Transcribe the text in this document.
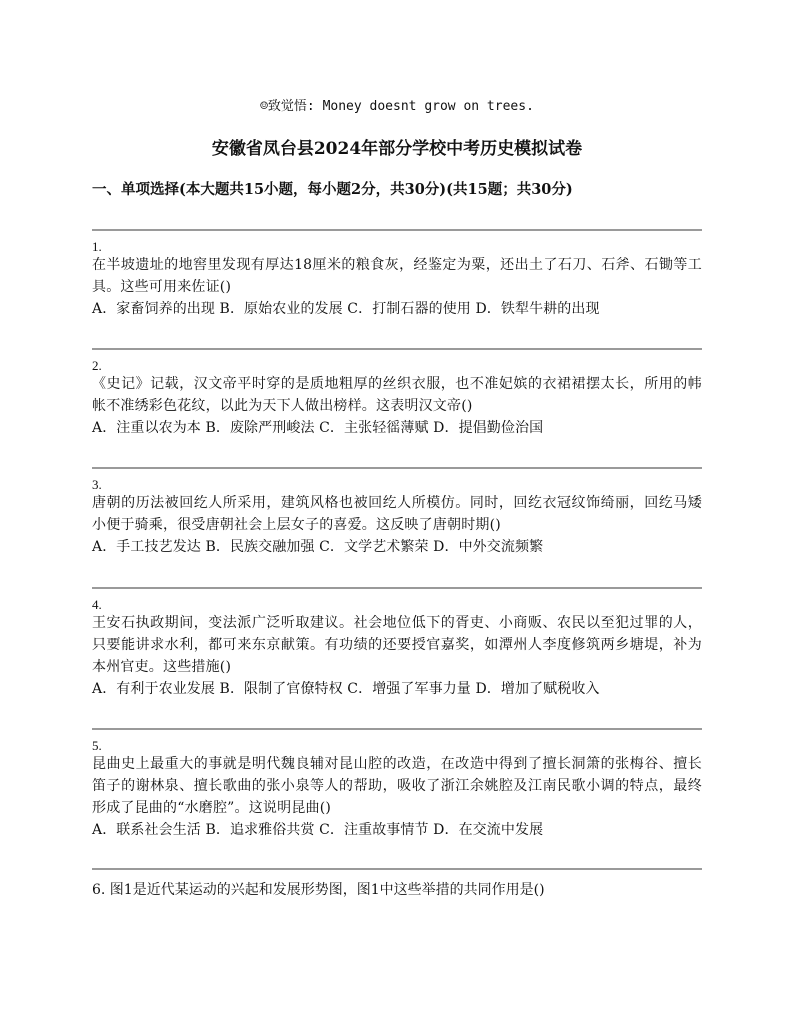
☺致觉悟: Money doesnt grow on trees.
安徽省凤台县2024年部分学校中考历史模拟试卷
一、单项选择(本大题共15小题，每小题2分，共30分)(共15题；共30分)
1.
在半坡遗址的地窖里发现有厚达18厘米的粮食灰，经鉴定为粟，还出土了石刀、石斧、石锄等工具。这些可用来佐证()
A．家畜饲养的出现 B．原始农业的发展 C．打制石器的使用 D．铁犁牛耕的出现
2.
《史记》记载，汉文帝平时穿的是质地粗厚的丝织衣服，也不准妃嫔的衣裙裙摆太长，所用的帏帐不准绣彩色花纹，以此为天下人做出榜样。这表明汉文帝()
A．注重以农为本 B．废除严刑峻法 C．主张轻徭薄赋 D．提倡勤俭治国
3.
唐朝的历法被回纥人所采用，建筑风格也被回纥人所模仿。同时，回纥衣冠纹饰绮丽，回纥马矮小便于骑乘，很受唐朝社会上层女子的喜爱。这反映了唐朝时期()
A．手工技艺发达 B．民族交融加强 C．文学艺术繁荣 D．中外交流频繁
4.
王安石执政期间，变法派广泛听取建议。社会地位低下的胥吏、小商贩、农民以至犯过罪的人，只要能讲求水利，都可来东京献策。有功绩的还要授官嘉奖，如潭州人李度修筑两乡塘堤，补为本州官吏。这些措施()
A．有利于农业发展 B．限制了官僚特权 C．增强了军事力量 D．增加了赋税收入
5.
昆曲史上最重大的事就是明代魏良辅对昆山腔的改造，在改造中得到了擅长洞箫的张梅谷、擅长笛子的谢林泉、擅长歌曲的张小泉等人的帮助，吸收了浙江余姚腔及江南民歌小调的特点，最终形成了昆曲的“水磨腔”。这说明昆曲()
A．联系社会生活 B．追求雅俗共赏 C．注重故事情节 D．在交流中发展
6. 图1是近代某运动的兴起和发展形势图，图1中这些举措的共同作用是()
